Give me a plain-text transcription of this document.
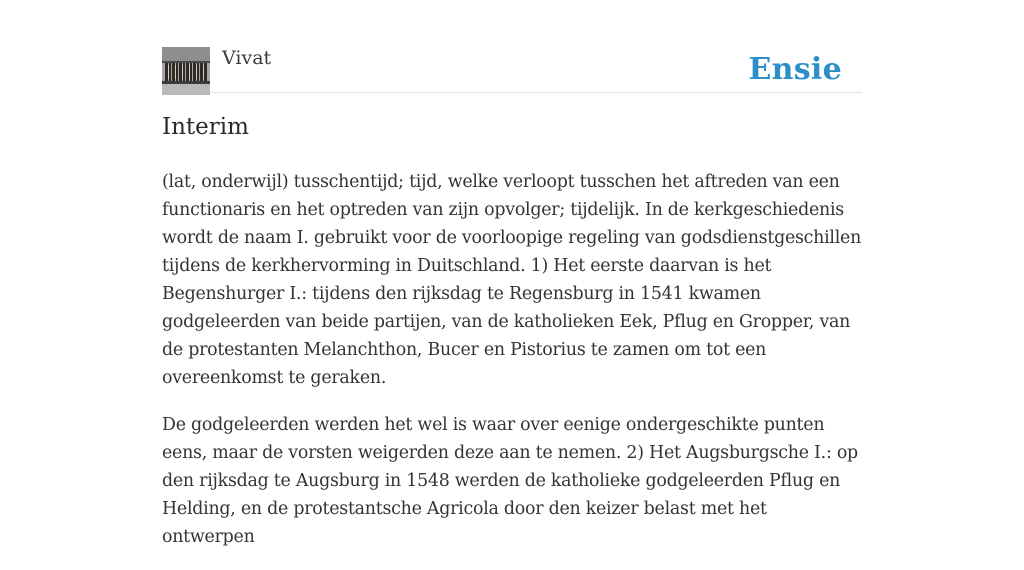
Vivat	Ensie
Interim

(lat, onderwijl) tusschentijd; tijd, welke verloopt tusschen het aftreden van een functionaris en het optreden van zijn opvolger; tijdelijk. In de kerkgeschiedenis wordt de naam I. gebruikt voor de voorloopige regeling van godsdienstgeschillen tijdens de kerkhervorming in Duitschland. 1) Het eerste daarvan is het Begenshurger I.: tijdens den rijksdag te Regensburg in 1541 kwamen godgeleerden van beide partijen, van de katholieken Eek, Pflug en Gropper, van de protestanten Melanchthon, Bucer en Pistorius te zamen om tot een overeenkomst te geraken.

De godgeleerden werden het wel is waar over eenige ondergeschikte punten eens, maar de vorsten weigerden deze aan te nemen. 2) Het Augsburgsche I.: op den rijksdag te Augsburg in 1548 werden de katholieke godgeleerden Pflug en Helding, en de protestantsche Agricola door den keizer belast met het ontwerpen
